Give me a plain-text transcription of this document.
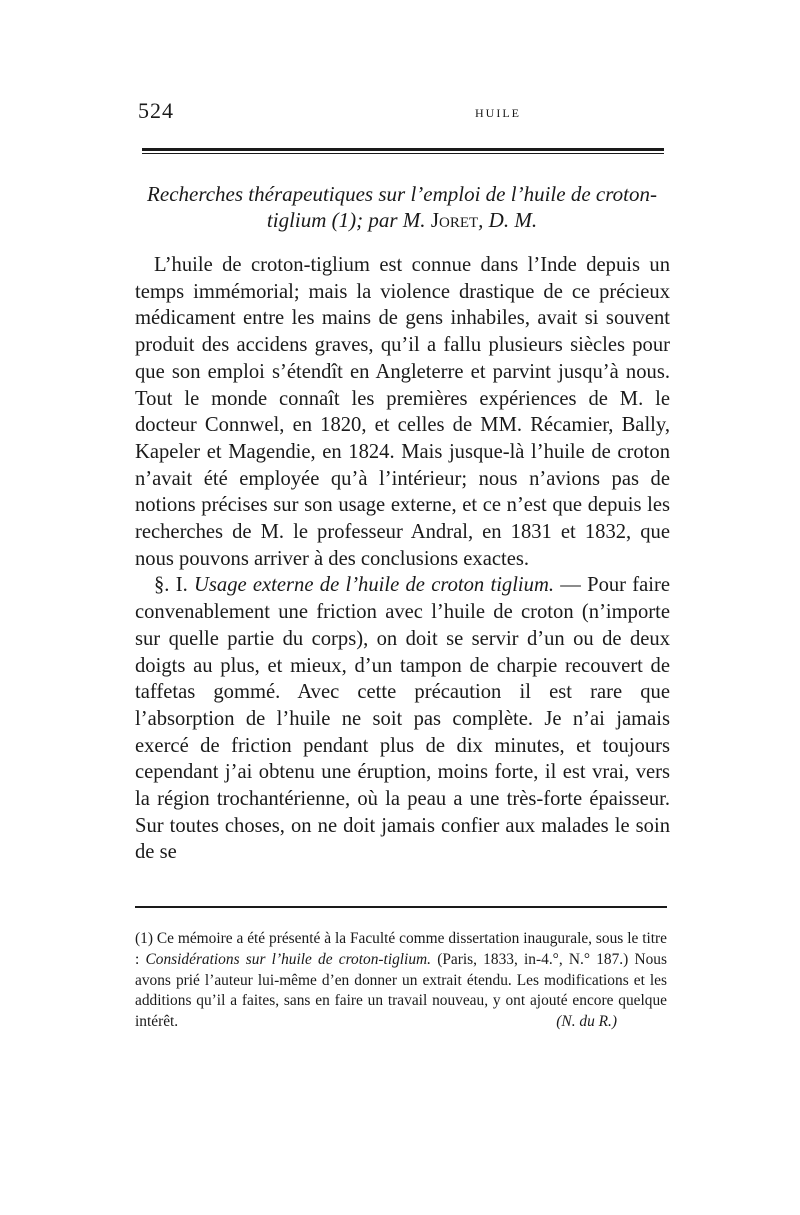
524	HUILE
Recherches thérapeutiques sur l’emploi de l’huile de croton-tiglium (1); par M. Joret, D. M.

L’huile de croton-tiglium est connue dans l’Inde depuis un temps immémorial; mais la violence drastique de ce précieux médicament entre les mains de gens inhabiles, avait si souvent produit des accidens graves, qu’il a fallu plusieurs siècles pour que son emploi s’étendît en Angleterre et parvint jusqu’à nous. Tout le monde connaît les premières expériences de M. le docteur Connwel, en 1820, et celles de MM. Récamier, Bally, Kapeler et Magendie, en 1824. Mais jusque-là l’huile de croton n’avait été employée qu’à l’intérieur; nous n’avions pas de notions précises sur son usage externe, et ce n’est que depuis les recherches de M. le professeur Andral, en 1831 et 1832, que nous pouvons arriver à des conclusions exactes.

§. I. Usage externe de l’huile de croton tiglium. — Pour faire convenablement une friction avec l’huile de croton (n’importe sur quelle partie du corps), on doit se servir d’un ou de deux doigts au plus, et mieux, d’un tampon de charpie recouvert de taffetas gommé. Avec cette précaution il est rare que l’absorption de l’huile ne soit pas complète. Je n’ai jamais exercé de friction pendant plus de dix minutes, et toujours cependant j’ai obtenu une éruption, moins forte, il est vrai, vers la région trochantérienne, où la peau a une très-forte épaisseur. Sur toutes choses, on ne doit jamais confier aux malades le soin de se

(1) Ce mémoire a été présenté à la Faculté comme dissertation inaugurale, sous le titre : Considérations sur l’huile de croton-tiglium. (Paris, 1833, in-4.°, N.° 187.) Nous avons prié l’auteur lui-même d’en donner un extrait étendu. Les modifications et les additions qu’il a faites, sans en faire un travail nouveau, y ont ajouté encore quelque intérêt.	(N. du R.)
